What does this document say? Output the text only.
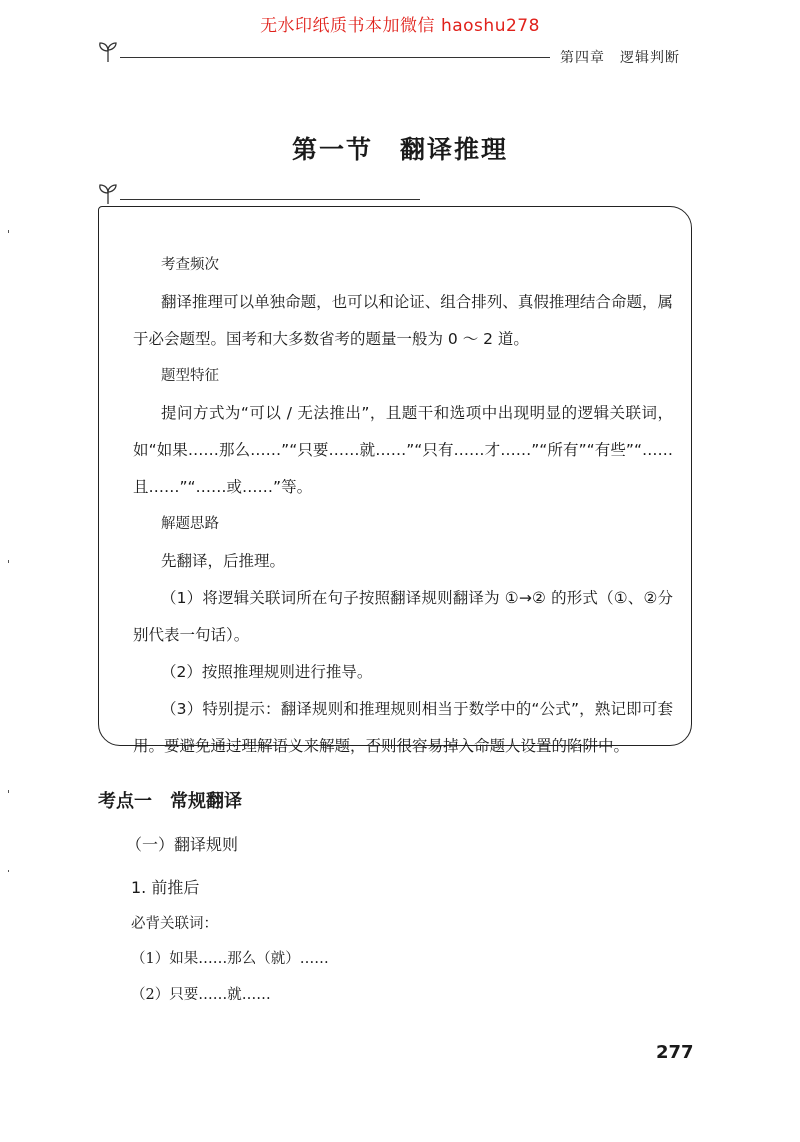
无水印纸质书本加微信 haoshu278
第四章　逻辑判断
第一节　翻译推理

考查频次

翻译推理可以单独命题，也可以和论证、组合排列、真假推理结合命题，属于必会题型。国考和大多数省考的题量一般为 0 ～ 2 道。

题型特征

提问方式为“可以 / 无法推出”，且题干和选项中出现明显的逻辑关联词，如“如果……那么……”“只要……就……”“只有……才……”“所有”“有些”“……且……”“……或……”等。

解题思路

先翻译，后推理。

（1）将逻辑关联词所在句子按照翻译规则翻译为 ①→② 的形式（①、②分别代表一句话）。

（2）按照推理规则进行推导。

（3）特别提示：翻译规则和推理规则相当于数学中的“公式”，熟记即可套用。要避免通过理解语义来解题，否则很容易掉入命题人设置的陷阱中。

考点一　常规翻译
（一）翻译规则
1. 前推后
必背关联词：
（1）如果……那么（就）……
（2）只要……就……
277
